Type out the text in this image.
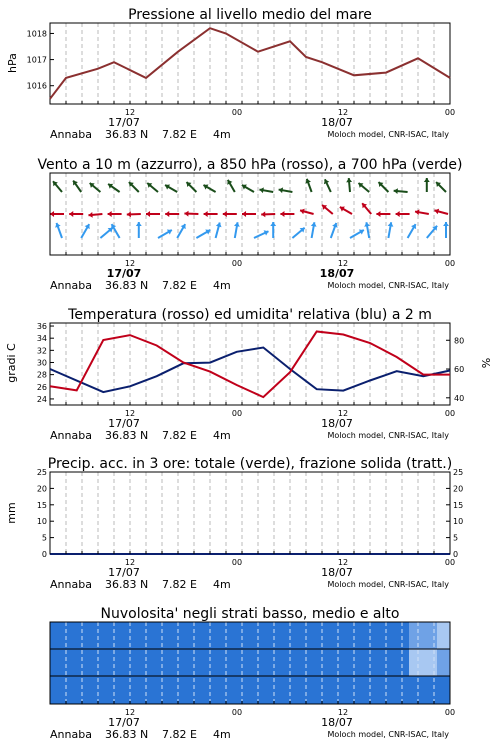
Pressione al livello medio del mare
hPa
1016
1017
1018
12	00	12	00
17/07	18/07
Annaba 36.83 N 7.82 E 4m	Moloch model, CNR-ISAC, Italy
Vento a 10 m (azzurro), a 850 hPa (rosso), a 700 hPa (verde)
12	00	12	00
17/07	18/07
Annaba 36.83 N 7.82 E 4m	Moloch model, CNR-ISAC, Italy
Temperatura (rosso) ed umidita' relativa (blu) a 2 m
gradi C	%
24
26
28
30
32
34
36
40
60
80
12	00	12	00
17/07	18/07
Annaba 36.83 N 7.82 E 4m	Moloch model, CNR-ISAC, Italy
Precip. acc. in 3 ore: totale (verde), frazione solida (tratt.)
mm
0	0
5	5
10	10
15	15
20	20
25	25
12	00	12	00
17/07	18/07
Annaba 36.83 N 7.82 E 4m	Moloch model, CNR-ISAC, Italy
Nuvolosita' negli strati basso, medio e alto
12	00	12	00
17/07	18/07
Annaba 36.83 N 7.82 E 4m	Moloch model, CNR-ISAC, Italy
